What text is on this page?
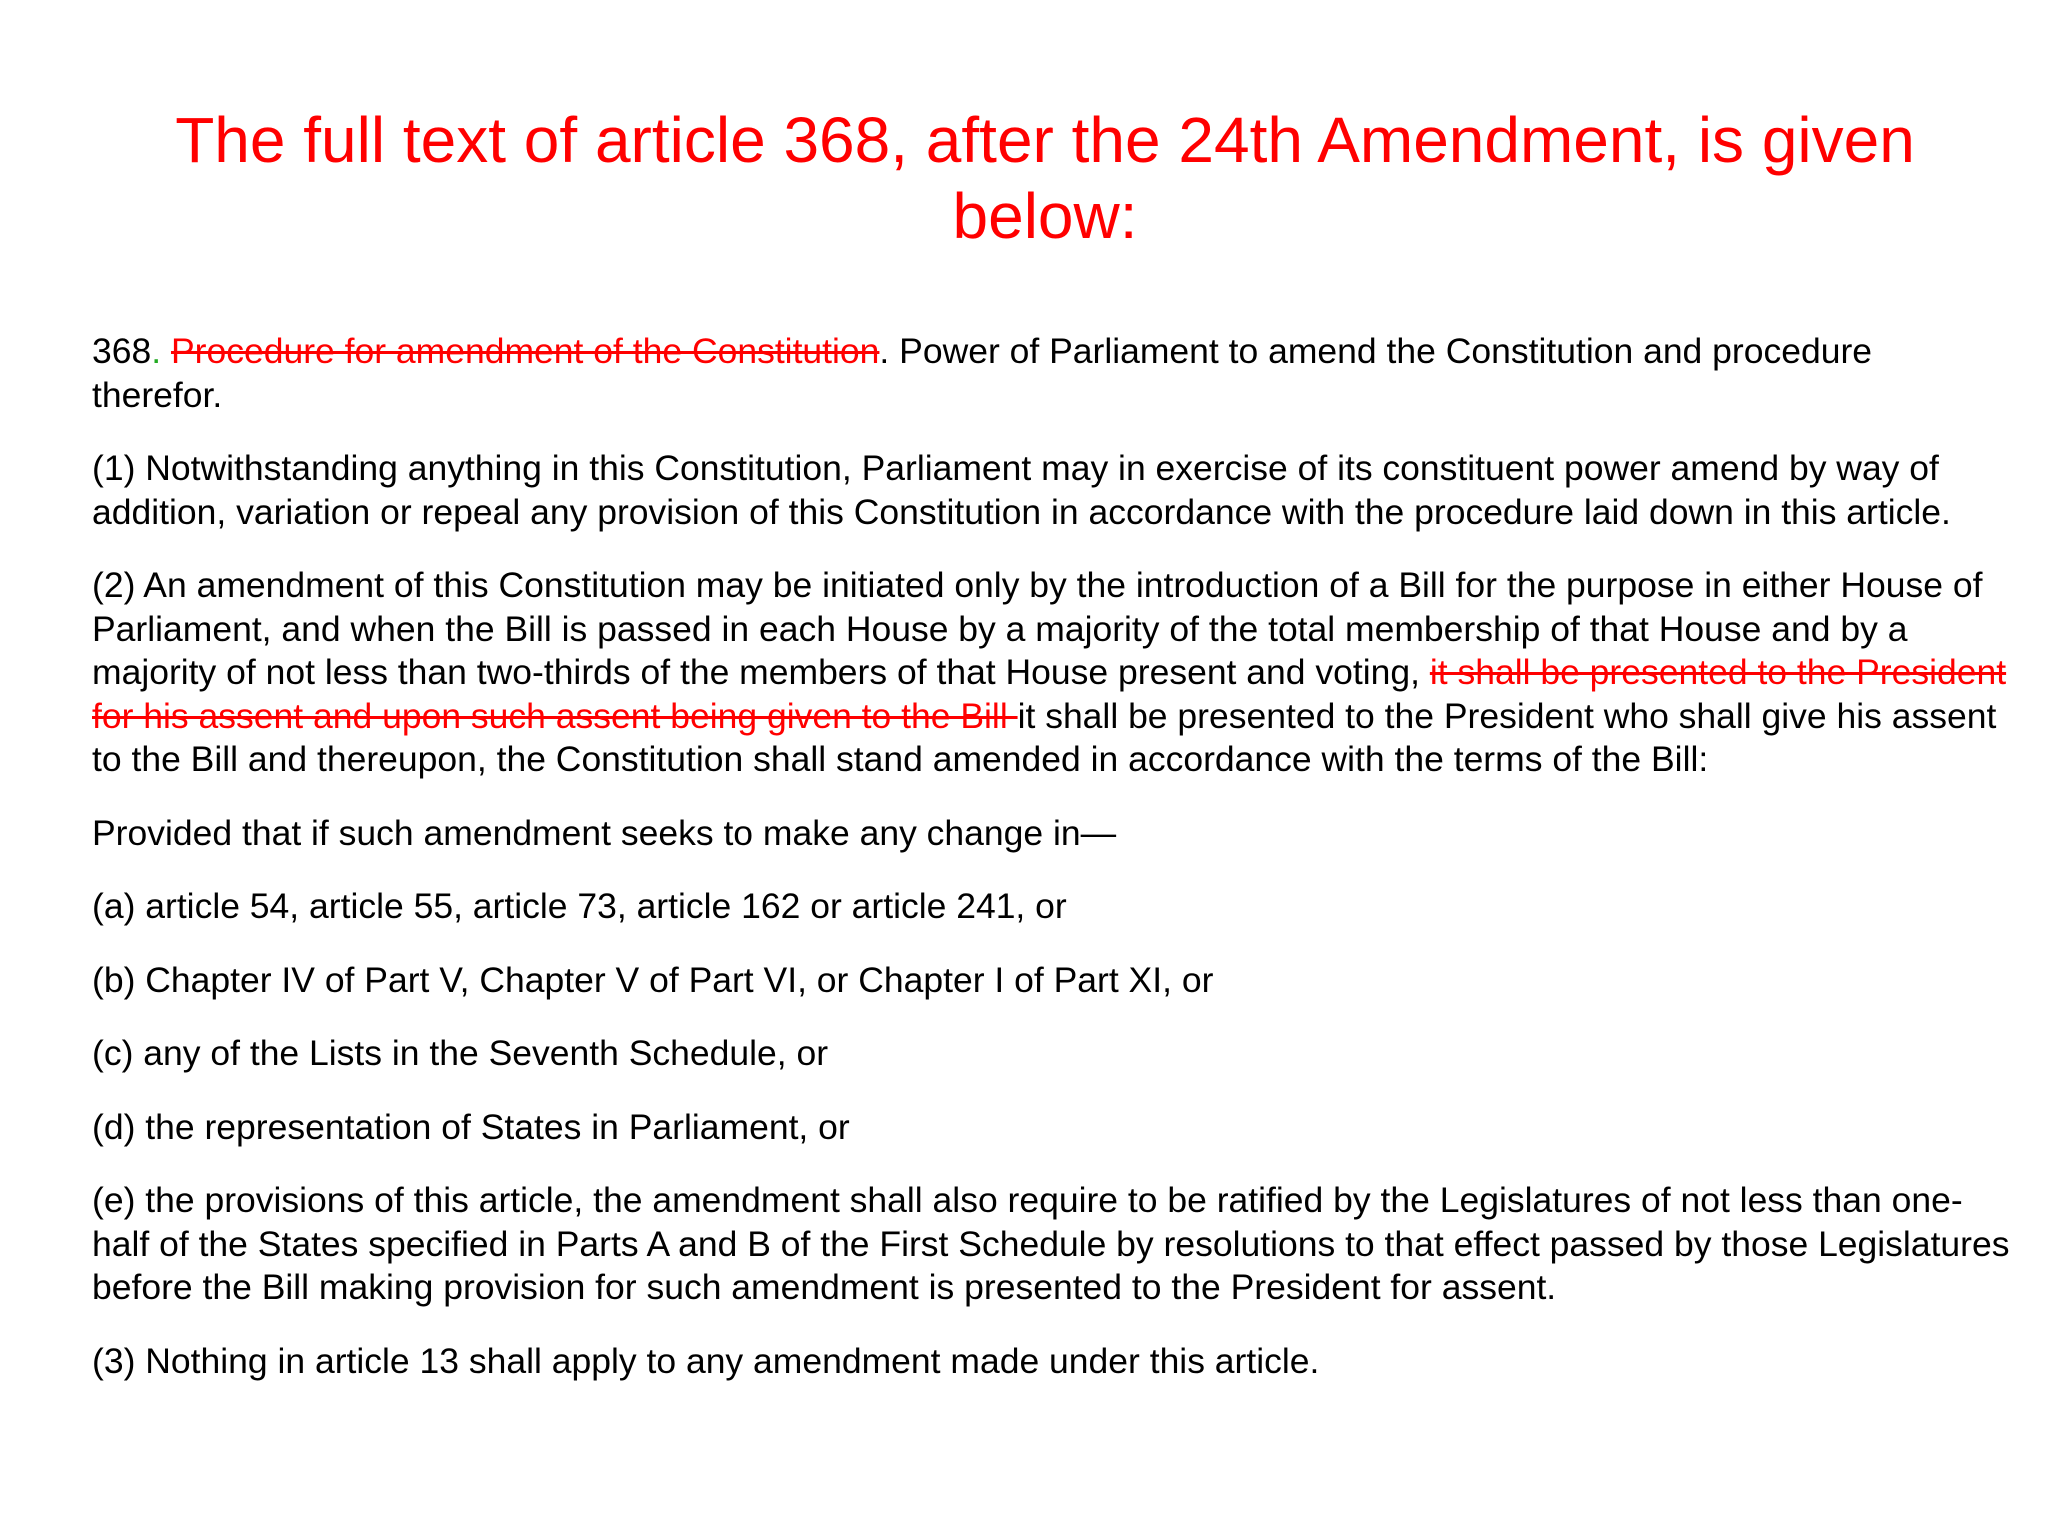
The full text of article 368, after the 24th Amendment, is given below:

368. Procedure for amendment of the Constitution. Power of Parliament to amend the Constitution and procedure therefor.

(1) Notwithstanding anything in this Constitution, Parliament may in exercise of its constituent power amend by way of addition, variation or repeal any provision of this Constitution in accordance with the procedure laid down in this article.

(2) An amendment of this Constitution may be initiated only by the introduction of a Bill for the purpose in either House of Parliament, and when the Bill is passed in each House by a majority of the total membership of that House and by a majority of not less than two-thirds of the members of that House present and voting, it shall be presented to the President for his assent and upon such assent being given to the Bill it shall be presented to the President who shall give his assent to the Bill and thereupon, the Constitution shall stand amended in accordance with the terms of the Bill:

Provided that if such amendment seeks to make any change in—

(a) article 54, article 55, article 73, article 162 or article 241, or

(b) Chapter IV of Part V, Chapter V of Part VI, or Chapter I of Part XI, or

(c) any of the Lists in the Seventh Schedule, or

(d) the representation of States in Parliament, or

(e) the provisions of this article, the amendment shall also require to be ratified by the Legislatures of not less than one-half of the States specified in Parts A and B of the First Schedule by resolutions to that effect passed by those Legislatures before the Bill making provision for such amendment is presented to the President for assent.

(3) Nothing in article 13 shall apply to any amendment made under this article.
